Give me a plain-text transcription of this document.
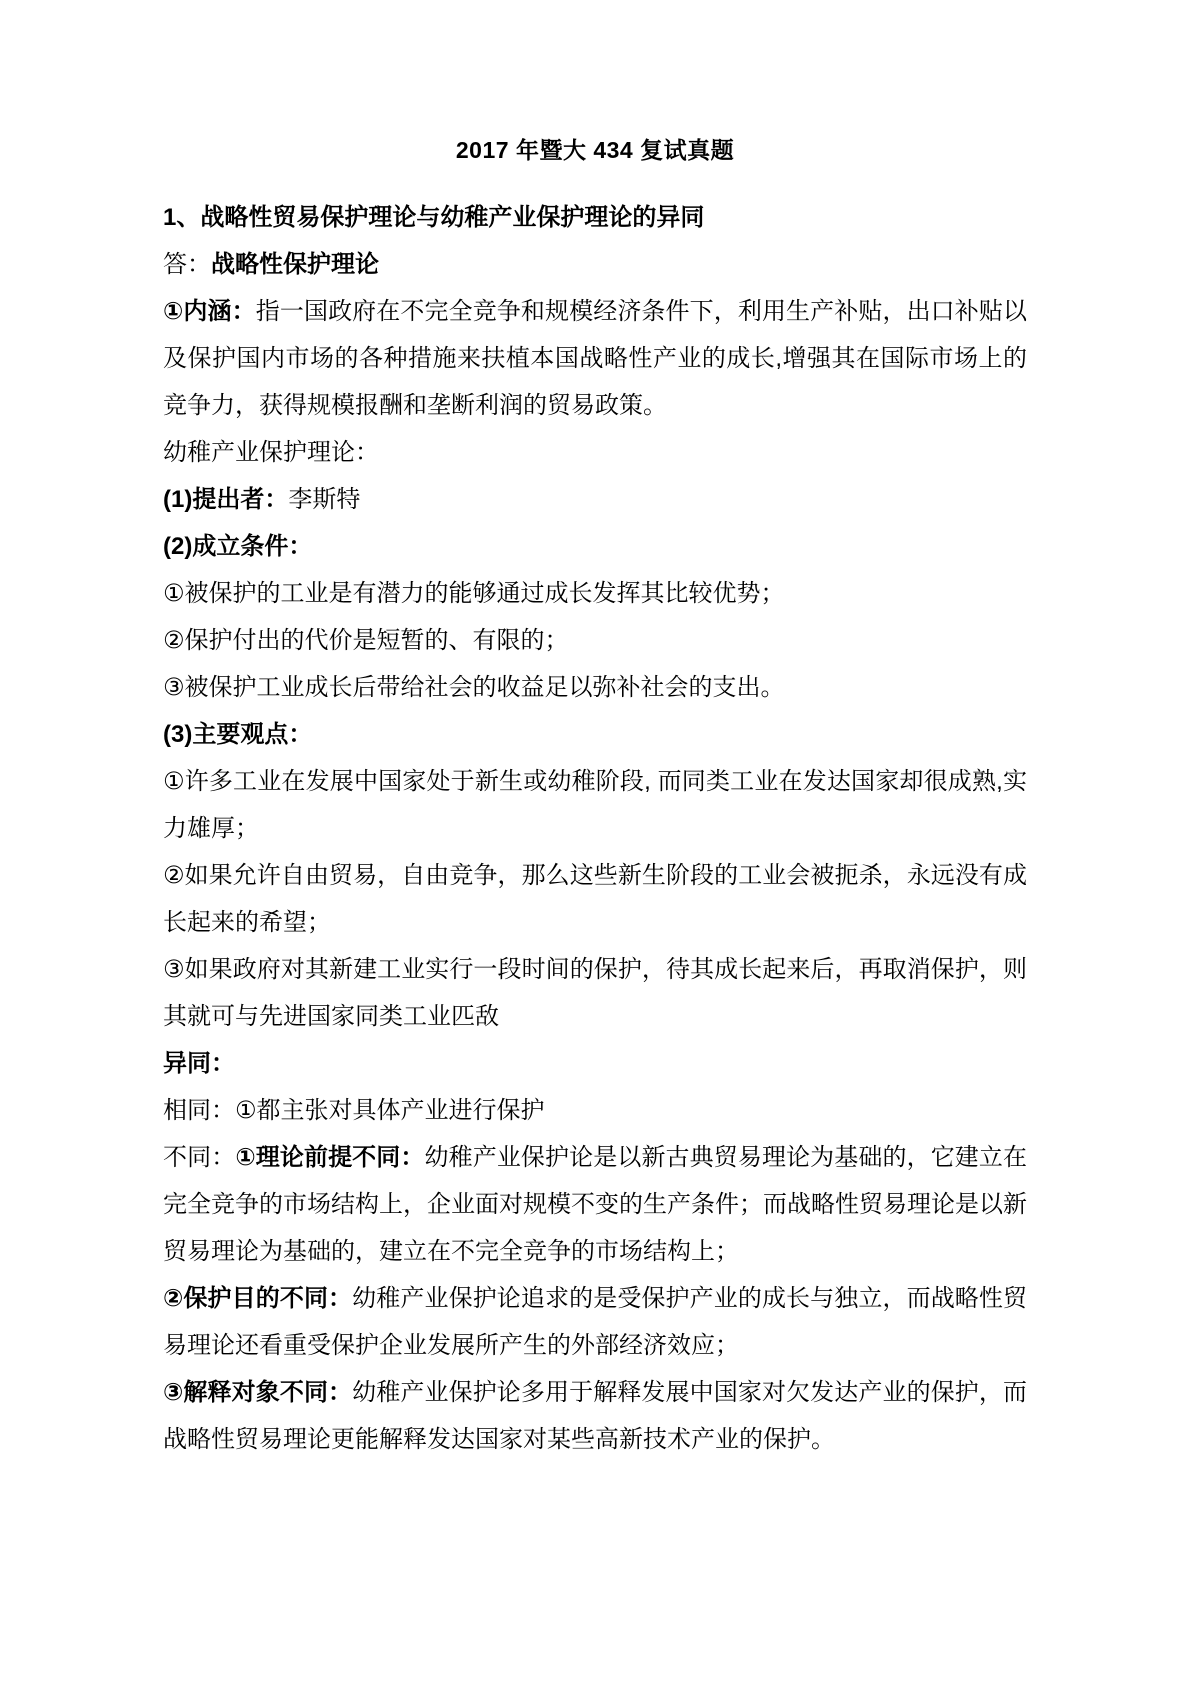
2017 年暨大 434 复试真题

1、战略性贸易保护理论与幼稚产业保护理论的异同

答：战略性保护理论

①内涵：指一国政府在不完全竞争和规模经济条件下，利用生产补贴，出口补贴以及保护国内市场的各种措施来扶植本国战略性产业的成长,增强其在国际市场上的竞争力，获得规模报酬和垄断利润的贸易政策。

幼稚产业保护理论：

(1)提出者：李斯特

(2)成立条件：

①被保护的工业是有潜力的能够通过成长发挥其比较优势；

②保护付出的代价是短暂的、有限的；

③被保护工业成长后带给社会的收益足以弥补社会的支出。

(3)主要观点：

①许多工业在发展中国家处于新生或幼稚阶段, 而同类工业在发达国家却很成熟,实力雄厚；

②如果允许自由贸易，自由竞争，那么这些新生阶段的工业会被扼杀，永远没有成长起来的希望；

③如果政府对其新建工业实行一段时间的保护，待其成长起来后，再取消保护，则其就可与先进国家同类工业匹敌

异同：

相同：①都主张对具体产业进行保护

不同：①理论前提不同：幼稚产业保护论是以新古典贸易理论为基础的，它建立在完全竞争的市场结构上，企业面对规模不变的生产条件；而战略性贸易理论是以新贸易理论为基础的，建立在不完全竞争的市场结构上；

②保护目的不同：幼稚产业保护论追求的是受保护产业的成长与独立，而战略性贸易理论还看重受保护企业发展所产生的外部经济效应；

③解释对象不同：幼稚产业保护论多用于解释发展中国家对欠发达产业的保护，而战略性贸易理论更能解释发达国家对某些高新技术产业的保护。
